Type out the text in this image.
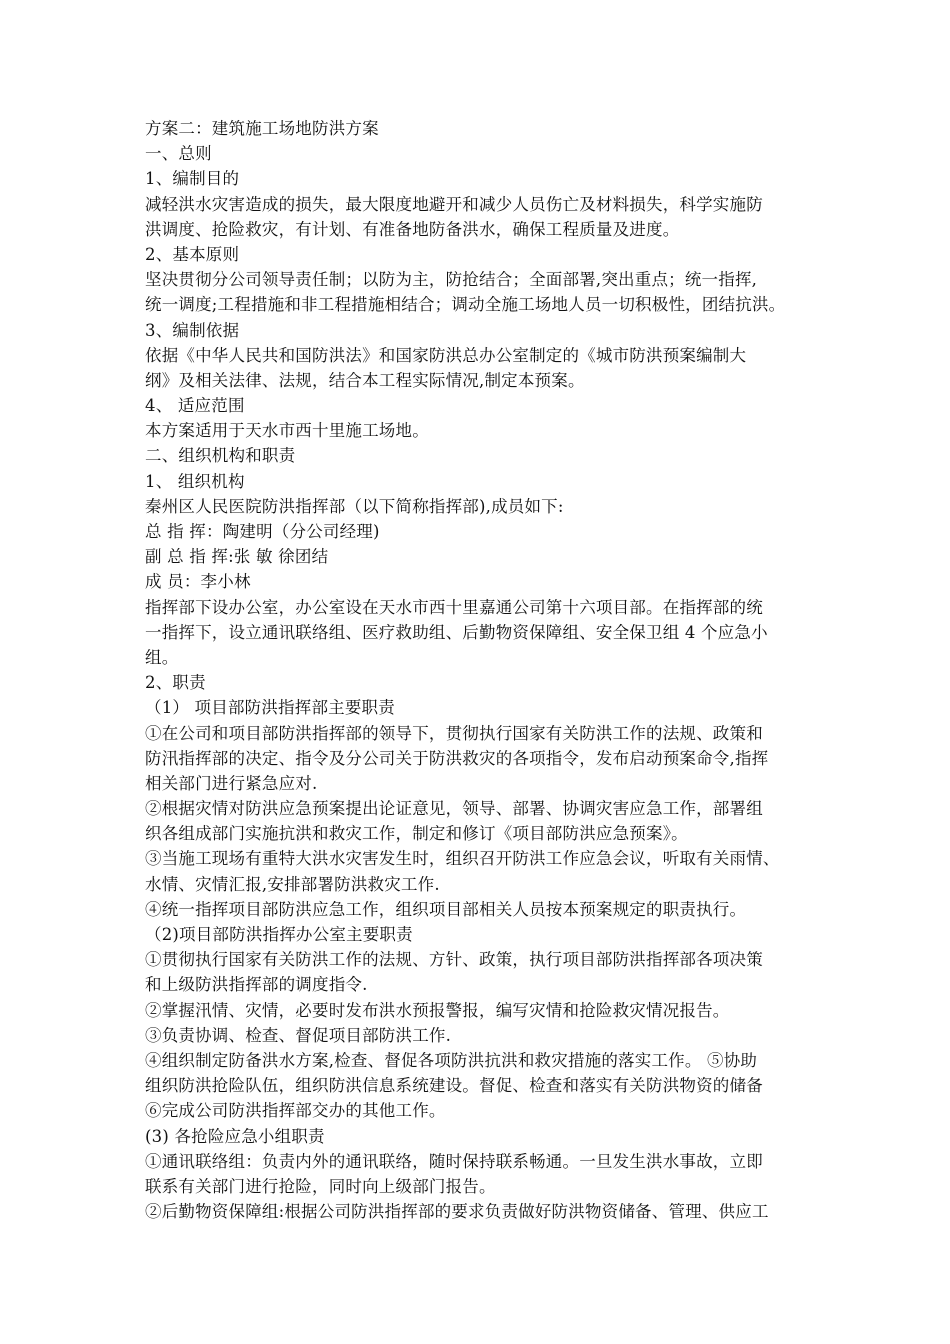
方案二：建筑施工场地防洪方案
一、总则
1、编制目的
减轻洪水灾害造成的损失，最大限度地避开和减少人员伤亡及材料损失，科学实施防
洪调度、抢险救灾，有计划、有准备地防备洪水，确保工程质量及进度。
2、基本原则
坚决贯彻分公司领导责任制；以防为主，防抢结合；全面部署,突出重点；统一指挥,
统一调度;工程措施和非工程措施相结合；调动全施工场地人员一切积极性，团结抗洪。
3、编制依据
依据《中华人民共和国防洪法》和国家防洪总办公室制定的《城市防洪预案编制大
纲》及相关法律、法规，结合本工程实际情况,制定本预案。
4、 适应范围
本方案适用于天水市西十里施工场地。
二、组织机构和职责
1、 组织机构
秦州区人民医院防洪指挥部（以下简称指挥部),成员如下:
总 指 挥：陶建明（分公司经理)
副 总 指 挥:张 敏 徐团结
成 员：李小林
指挥部下设办公室，办公室设在天水市西十里嘉通公司第十六项目部。在指挥部的统
一指挥下，设立通讯联络组、医疗救助组、后勤物资保障组、安全保卫组 4 个应急小
组。
2、职责
（1） 项目部防洪指挥部主要职责
①在公司和项目部防洪指挥部的领导下，贯彻执行国家有关防洪工作的法规、政策和
防汛指挥部的决定、指令及分公司关于防洪救灾的各项指令，发布启动预案命令,指挥
相关部门进行紧急应对.
②根据灾情对防洪应急预案提出论证意见，领导、部署、协调灾害应急工作，部署组
织各组成部门实施抗洪和救灾工作，制定和修订《项目部防洪应急预案》。
③当施工现场有重特大洪水灾害发生时，组织召开防洪工作应急会议，听取有关雨情、
水情、灾情汇报,安排部署防洪救灾工作.
④统一指挥项目部防洪应急工作，组织项目部相关人员按本预案规定的职责执行。
（2)项目部防洪指挥办公室主要职责
①贯彻执行国家有关防洪工作的法规、方针、政策，执行项目部防洪指挥部各项决策
和上级防洪指挥部的调度指令.
②掌握汛情、灾情，必要时发布洪水预报警报，编写灾情和抢险救灾情况报告。
③负责协调、检查、督促项目部防洪工作.
④组织制定防备洪水方案,检查、督促各项防洪抗洪和救灾措施的落实工作。 ⑤协助
组织防洪抢险队伍，组织防洪信息系统建设。督促、检查和落实有关防洪物资的储备
⑥完成公司防洪指挥部交办的其他工作。
(3) 各抢险应急小组职责
①通讯联络组：负责内外的通讯联络，随时保持联系畅通。一旦发生洪水事故，立即
联系有关部门进行抢险，同时向上级部门报告。
②后勤物资保障组:根据公司防洪指挥部的要求负责做好防洪物资储备、管理、供应工
